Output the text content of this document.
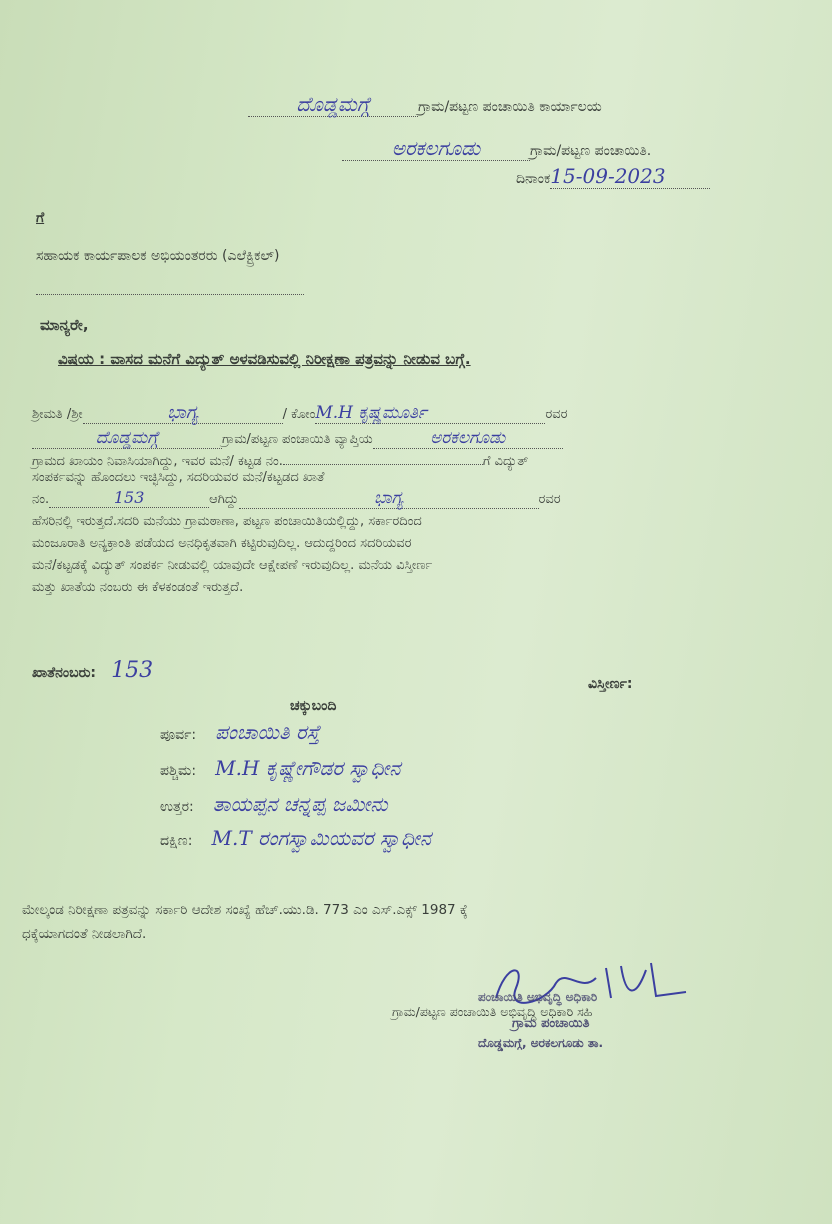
ದೊಡ್ಡಮಗ್ಗೆ	ಗ್ರಾಮ/ಪಟ್ಟಣ ಪಂಚಾಯಿತಿ ಕಾರ್ಯಾಲಯ
ಅರಕಲಗೂಡು	ಗ್ರಾಮ/ಪಟ್ಟಣ ಪಂಚಾಯಿತಿ.
ದಿನಾಂಕ15-09-2023
ಗೆ
ಸಹಾಯಕ ಕಾರ್ಯಪಾಲಕ ಅಭಿಯಂತರರು (ಎಲೆಕ್ಟ್ರಿಕಲ್)
ಮಾನ್ಯರೇ,
ವಿಷಯ : ವಾಸದ ಮನೆಗೆ ವಿದ್ಯುತ್ ಅಳವಡಿಸುವಲ್ಲಿ ನಿರೀಕ್ಷಣಾ ಪತ್ರವನ್ನು ನೀಡುವ ಬಗ್ಗೆ.
ಶ್ರೀಮತಿ /ಶ್ರೀ	ಭಾಗ್ಯ	/ ಕೋಂM.H ಕೃಷ್ಣಮೂರ್ತಿ	ರವರ
ದೊಡ್ಡಮಗ್ಗೆ	ಗ್ರಾಮ/ಪಟ್ಟಣ ಪಂಚಾಯಿತಿ ವ್ಯಾಪ್ತಿಯ	ಅರಕಲಗೂಡು
ಗ್ರಾಮದ ಖಾಯಂ ನಿವಾಸಿಯಾಗಿದ್ದು, ಇವರ ಮನೆ/ ಕಟ್ಟಡ ನಂ.	ಗೆ ವಿದ್ಯುತ್
ಸಂಪರ್ಕವನ್ನು ಹೊಂದಲು ಇಚ್ಛಿಸಿದ್ದು, ಸದರಿಯವರ ಮನೆ/ಕಟ್ಟಡದ ಖಾತೆ
ನಂ.	153	ಆಗಿದ್ದು	ಭಾಗ್ಯ	ರವರ
ಹೆಸರಿನಲ್ಲಿ ಇರುತ್ತದೆ.ಸದರಿ ಮನೆಯು ಗ್ರಾಮಠಾಣಾ, ಪಟ್ಟಣ ಪಂಚಾಯಿತಿಯಲ್ಲಿದ್ದು, ಸರ್ಕಾರದಿಂದ
ಮಂಜೂರಾತಿ ಅನ್ಯಕ್ರಾಂತಿ ಪಡೆಯದ ಅನಧಿಕೃತವಾಗಿ ಕಟ್ಟಿರುವುದಿಲ್ಲ. ಆದುದ್ದರಿಂದ ಸದರಿಯವರ
ಮನೆ/ಕಟ್ಟಡಕ್ಕೆ ವಿದ್ಯುತ್ ಸಂಪರ್ಕ ನೀಡುವಲ್ಲಿ ಯಾವುದೇ ಆಕ್ಷೇಪಣೆ ಇರುವುದಿಲ್ಲ. ಮನೆಯ ವಿಸ್ತೀರ್ಣ
ಮತ್ತು ಖಾತೆಯ ನಂಬರು ಈ ಕೆಳಕಂಡಂತೆ ಇರುತ್ತದೆ.
ಖಾತೆನಂಬರು: 153
ವಿಸ್ತೀರ್ಣ:
ಚಕ್ಕುಬಂದಿ
ಪೂರ್ವ: ಪಂಚಾಯಿತಿ ರಸ್ತೆ
ಪಶ್ಚಿಮ: M.H ಕೃಷ್ಣೇಗೌಡರ ಸ್ವಾಧೀನ
ಉತ್ತರ: ತಾಯಪ್ಪನ ಚನ್ನಪ್ಪ ಜಮೀನು
ದಕ್ಷಿಣ: M.T ರಂಗಸ್ವಾಮಿಯವರ ಸ್ವಾಧೀನ
ಮೇಲ್ಕಂಡ ನಿರೀಕ್ಷಣಾ ಪತ್ರವನ್ನು ಸರ್ಕಾರಿ ಆದೇಶ ಸಂಖ್ಯೆ ಹೆಚ್.ಯು.ಡಿ. 773 ಎಂ ಎಸ್.ಎಕ್ಸ್ 1987 ಕ್ಕೆ
ಧಕ್ಕೆಯಾಗದಂತೆ ನೀಡಲಾಗಿದೆ.
ಗ್ರಾಮ/ಪಟ್ಟಣ ಪಂಚಾಯಿತಿ ಅಭಿವೃದ್ಧಿ ಅಧಿಕಾರಿ ಸಹಿ
ಪಂಚಾಯಿತಿ ಅಭಿವೃದ್ಧಿ ಅಧಿಕಾರಿ
ಗ್ರಾಮ ಪಂಚಾಯಿತಿ
ದೊಡ್ಡಮಗ್ಗೆ, ಅರಕಲಗೂಡು ತಾ.
